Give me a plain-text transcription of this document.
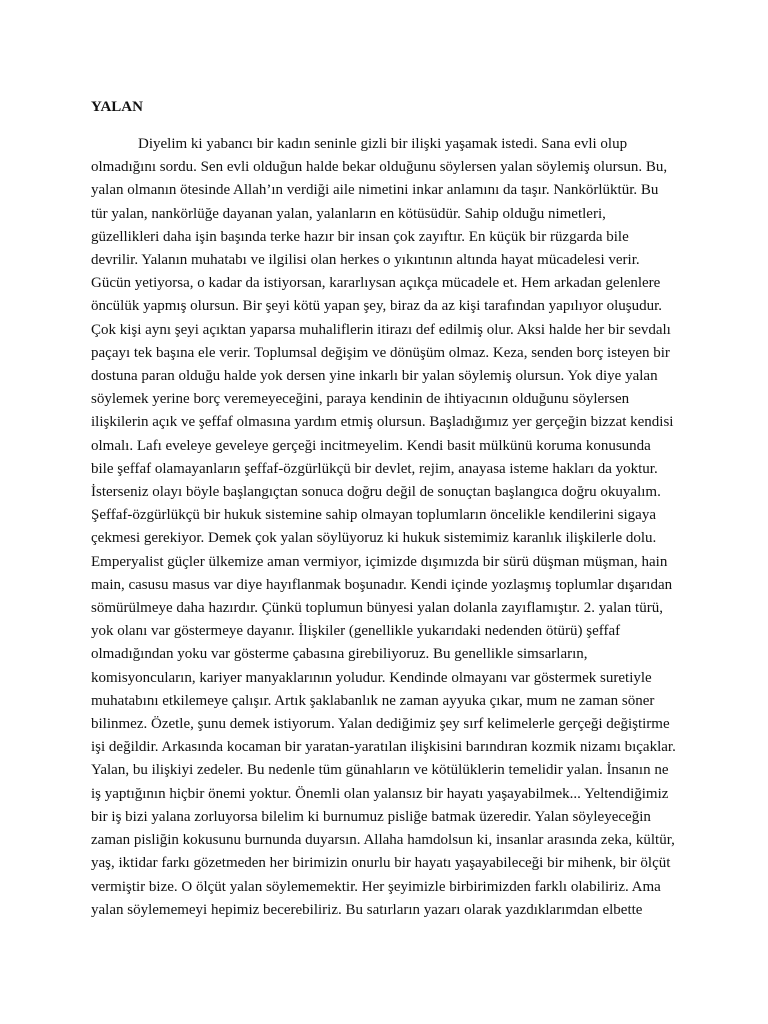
YALAN
Diyelim ki yabancı bir kadın seninle gizli bir ilişki yaşamak istedi. Sana evli olup
olmadığını sordu. Sen evli olduğun halde bekar olduğunu söylersen yalan söylemiş olursun. Bu,
yalan olmanın ötesinde Allah’ın verdiği aile nimetini inkar anlamını da taşır. Nankörlüktür. Bu
tür yalan, nankörlüğe dayanan yalan, yalanların en kötüsüdür. Sahip olduğu nimetleri,
güzellikleri daha işin başında terke hazır bir insan çok zayıftır. En küçük bir rüzgarda bile
devrilir. Yalanın muhatabı ve ilgilisi olan herkes o yıkıntının altında hayat mücadelesi verir.
Gücün yetiyorsa, o kadar da istiyorsan, kararlıysan açıkça mücadele et. Hem arkadan gelenlere
öncülük yapmış olursun. Bir şeyi kötü yapan şey, biraz da az kişi tarafından yapılıyor oluşudur.
Çok kişi aynı şeyi açıktan yaparsa muhaliflerin itirazı def edilmiş olur. Aksi halde her bir sevdalı
paçayı tek başına ele verir. Toplumsal değişim ve dönüşüm olmaz. Keza, senden borç isteyen bir
dostuna paran olduğu halde yok dersen yine inkarlı bir yalan söylemiş olursun. Yok diye yalan
söylemek yerine borç veremeyeceğini, paraya kendinin de ihtiyacının olduğunu söylersen
ilişkilerin açık ve şeffaf olmasına yardım etmiş olursun. Başladığımız yer gerçeğin bizzat kendisi
olmalı. Lafı eveleye geveleye gerçeği incitmeyelim. Kendi basit mülkünü koruma konusunda
bile şeffaf olamayanların şeffaf-özgürlükçü bir devlet, rejim, anayasa isteme hakları da yoktur.
İsterseniz olayı böyle başlangıçtan sonuca doğru değil de sonuçtan başlangıca doğru okuyalım.
Şeffaf-özgürlükçü bir hukuk sistemine sahip olmayan toplumların öncelikle kendilerini sigaya
çekmesi gerekiyor. Demek çok yalan söylüyoruz ki hukuk sistemimiz karanlık ilişkilerle dolu.
Emperyalist güçler ülkemize aman vermiyor, içimizde dışımızda bir sürü düşman müşman, hain
main, casusu masus var diye hayıflanmak boşunadır. Kendi içinde yozlaşmış toplumlar dışarıdan
sömürülmeye daha hazırdır. Çünkü toplumun bünyesi yalan dolanla zayıflamıştır. 2. yalan türü,
yok olanı var göstermeye dayanır. İlişkiler (genellikle yukarıdaki nedenden ötürü) şeffaf
olmadığından yoku var gösterme çabasına girebiliyoruz. Bu genellikle simsarların,
komisyoncuların, kariyer manyaklarının yoludur. Kendinde olmayanı var göstermek suretiyle
muhatabını etkilemeye çalışır. Artık şaklabanlık ne zaman ayyuka çıkar, mum ne zaman söner
bilinmez. Özetle, şunu demek istiyorum. Yalan dediğimiz şey sırf kelimelerle gerçeği değiştirme
işi değildir. Arkasında kocaman bir yaratan-yaratılan ilişkisini barındıran kozmik nizamı bıçaklar.
Yalan, bu ilişkiyi zedeler. Bu nedenle tüm günahların ve kötülüklerin temelidir yalan. İnsanın ne
iş yaptığının hiçbir önemi yoktur. Önemli olan yalansız bir hayatı yaşayabilmek... Yeltendiğimiz
bir iş bizi yalana zorluyorsa bilelim ki burnumuz pisliğe batmak üzeredir. Yalan söyleyeceğin
zaman pisliğin kokusunu burnunda duyarsın. Allaha hamdolsun ki, insanlar arasında zeka, kültür,
yaş, iktidar farkı gözetmeden her birimizin onurlu bir hayatı yaşayabileceği bir mihenk, bir ölçüt
vermiştir bize. O ölçüt yalan söylememektir. Her şeyimizle birbirimizden farklı olabiliriz. Ama
yalan söylememeyi hepimiz becerebiliriz. Bu satırların yazarı olarak yazdıklarımdan elbette
